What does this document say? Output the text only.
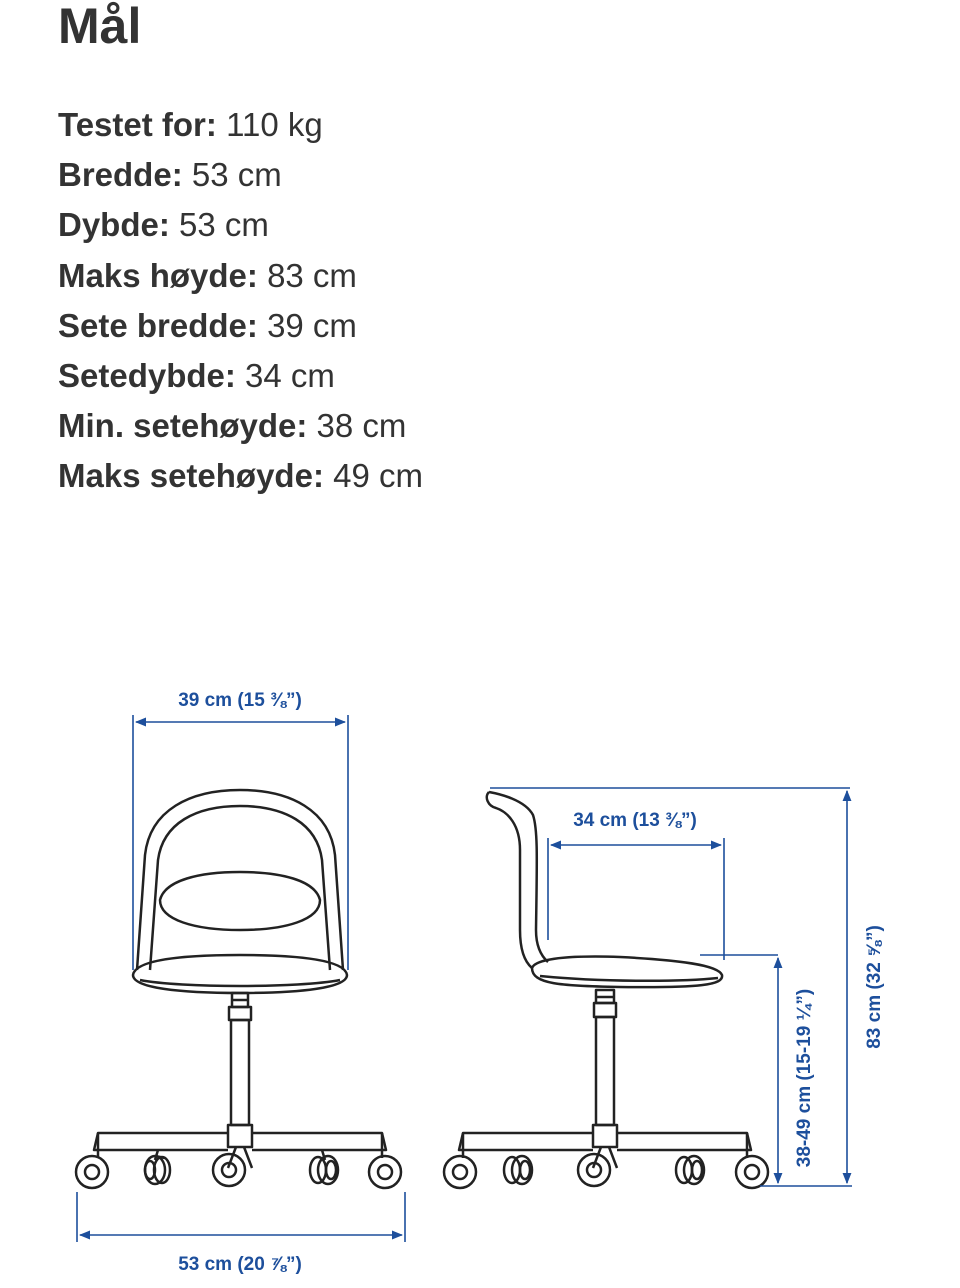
Mål
Testet for: 110 kg
Bredde: 53 cm
Dybde: 53 cm
Maks høyde: 83 cm
Sete bredde: 39 cm
Setedybde: 34 cm
Min. setehøyde: 38 cm
Maks setehøyde: 49 cm
39 cm (15 ⅜”)
53 cm (20 ⅞”)
34 cm (13 ⅜”)
38-49 cm (15-19 ¼”)
83 cm (32 ⅝”)
